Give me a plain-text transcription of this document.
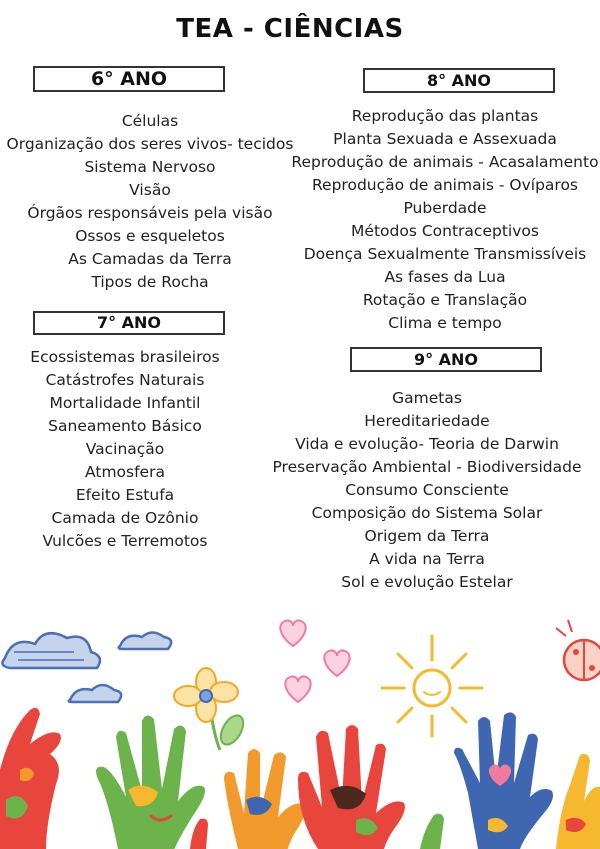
TEA - CIÊNCIAS
6° ANO
Células
Organização dos seres vivos- tecidos
Sistema Nervoso
Visão
Órgãos responsáveis pela visão
Ossos e esqueletos
As Camadas da Terra
Tipos de Rocha
7° ANO
Ecossistemas brasileiros
Catástrofes Naturais
Mortalidade Infantil
Saneamento Básico
Vacinação
Atmosfera
Efeito Estufa
Camada de Ozônio
Vulcões e Terremotos
8° ANO
Reprodução das plantas
Planta Sexuada e Assexuada
Reprodução de animais - Acasalamento
Reprodução de animais - Ovíparos
Puberdade
Métodos Contraceptivos
Doença Sexualmente Transmissíveis
As fases da Lua
Rotação e Translação
Clima e tempo
9° ANO
Gametas
Hereditariedade
Vida e evolução- Teoria de Darwin
Preservação Ambiental - Biodiversidade
Consumo Consciente
Composição do Sistema Solar
Origem da Terra
A vida na Terra
Sol e evolução Estelar
